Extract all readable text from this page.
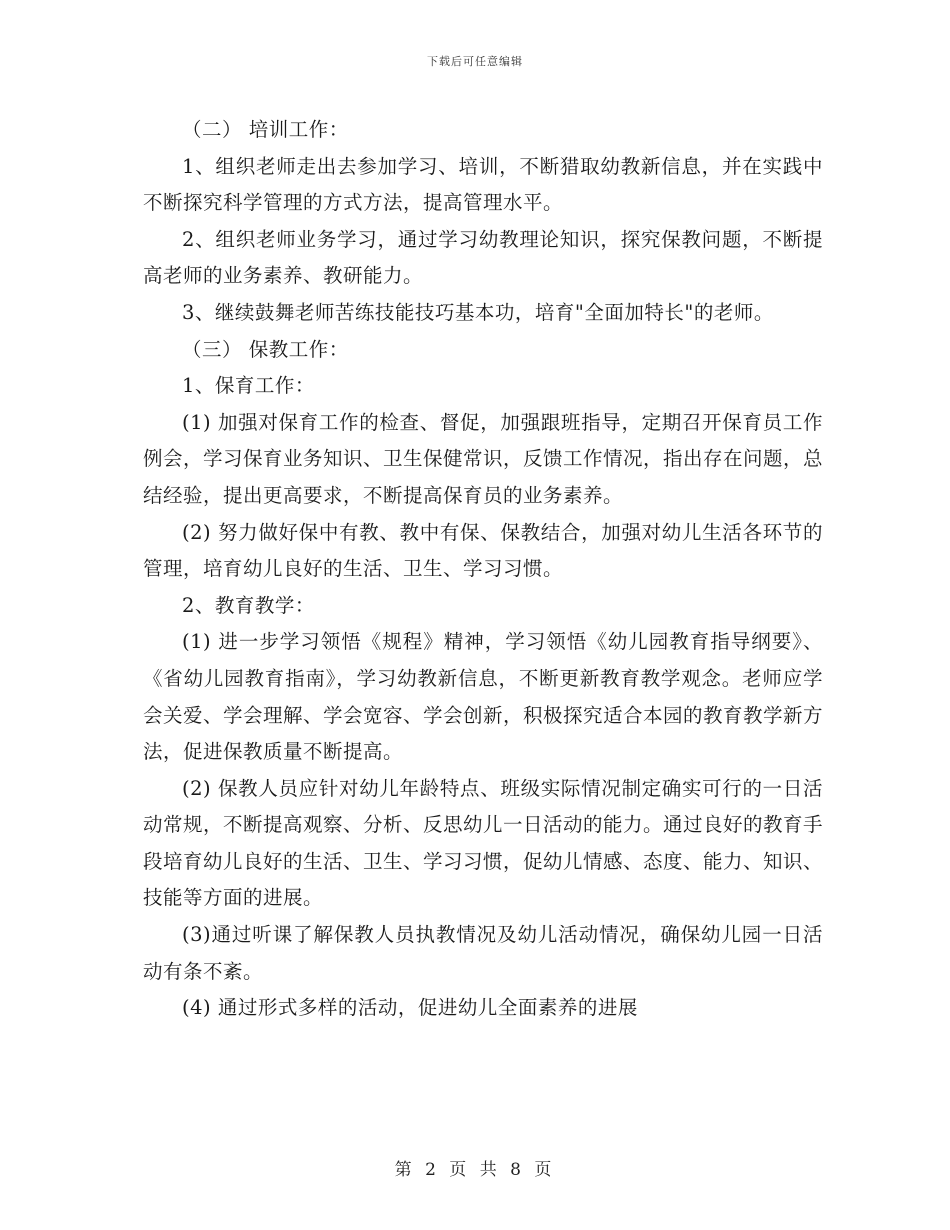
下载后可任意编辑

（二） 培训工作：

1、组织老师走出去参加学习、培训，不断猎取幼教新信息，并在实践中不断探究科学管理的方式方法，提高管理水平。

2、组织老师业务学习，通过学习幼教理论知识，探究保教问题，不断提高老师的业务素养、教研能力。

3、继续鼓舞老师苦练技能技巧基本功，培育"全面加特长"的老师。

（三） 保教工作：

1、保育工作：

(1) 加强对保育工作的检查、督促，加强跟班指导，定期召开保育员工作例会，学习保育业务知识、卫生保健常识，反馈工作情况，指出存在问题，总结经验，提出更高要求，不断提高保育员的业务素养。

(2) 努力做好保中有教、教中有保、保教结合，加强对幼儿生活各环节的管理，培育幼儿良好的生活、卫生、学习习惯。

2、教育教学：

(1) 进一步学习领悟《规程》精神，学习领悟《幼儿园教育指导纲要》、《省幼儿园教育指南》，学习幼教新信息，不断更新教育教学观念。老师应学会关爱、学会理解、学会宽容、学会创新，积极探究适合本园的教育教学新方法，促进保教质量不断提高。

(2) 保教人员应针对幼儿年龄特点、班级实际情况制定确实可行的一日活动常规，不断提高观察、分析、反思幼儿一日活动的能力。通过良好的教育手段培育幼儿良好的生活、卫生、学习习惯，促幼儿情感、态度、能力、知识、技能等方面的进展。

(3)通过听课了解保教人员执教情况及幼儿活动情况，确保幼儿园一日活动有条不紊。

(4) 通过形式多样的活动，促进幼儿全面素养的进展

第 2 页 共 8 页
